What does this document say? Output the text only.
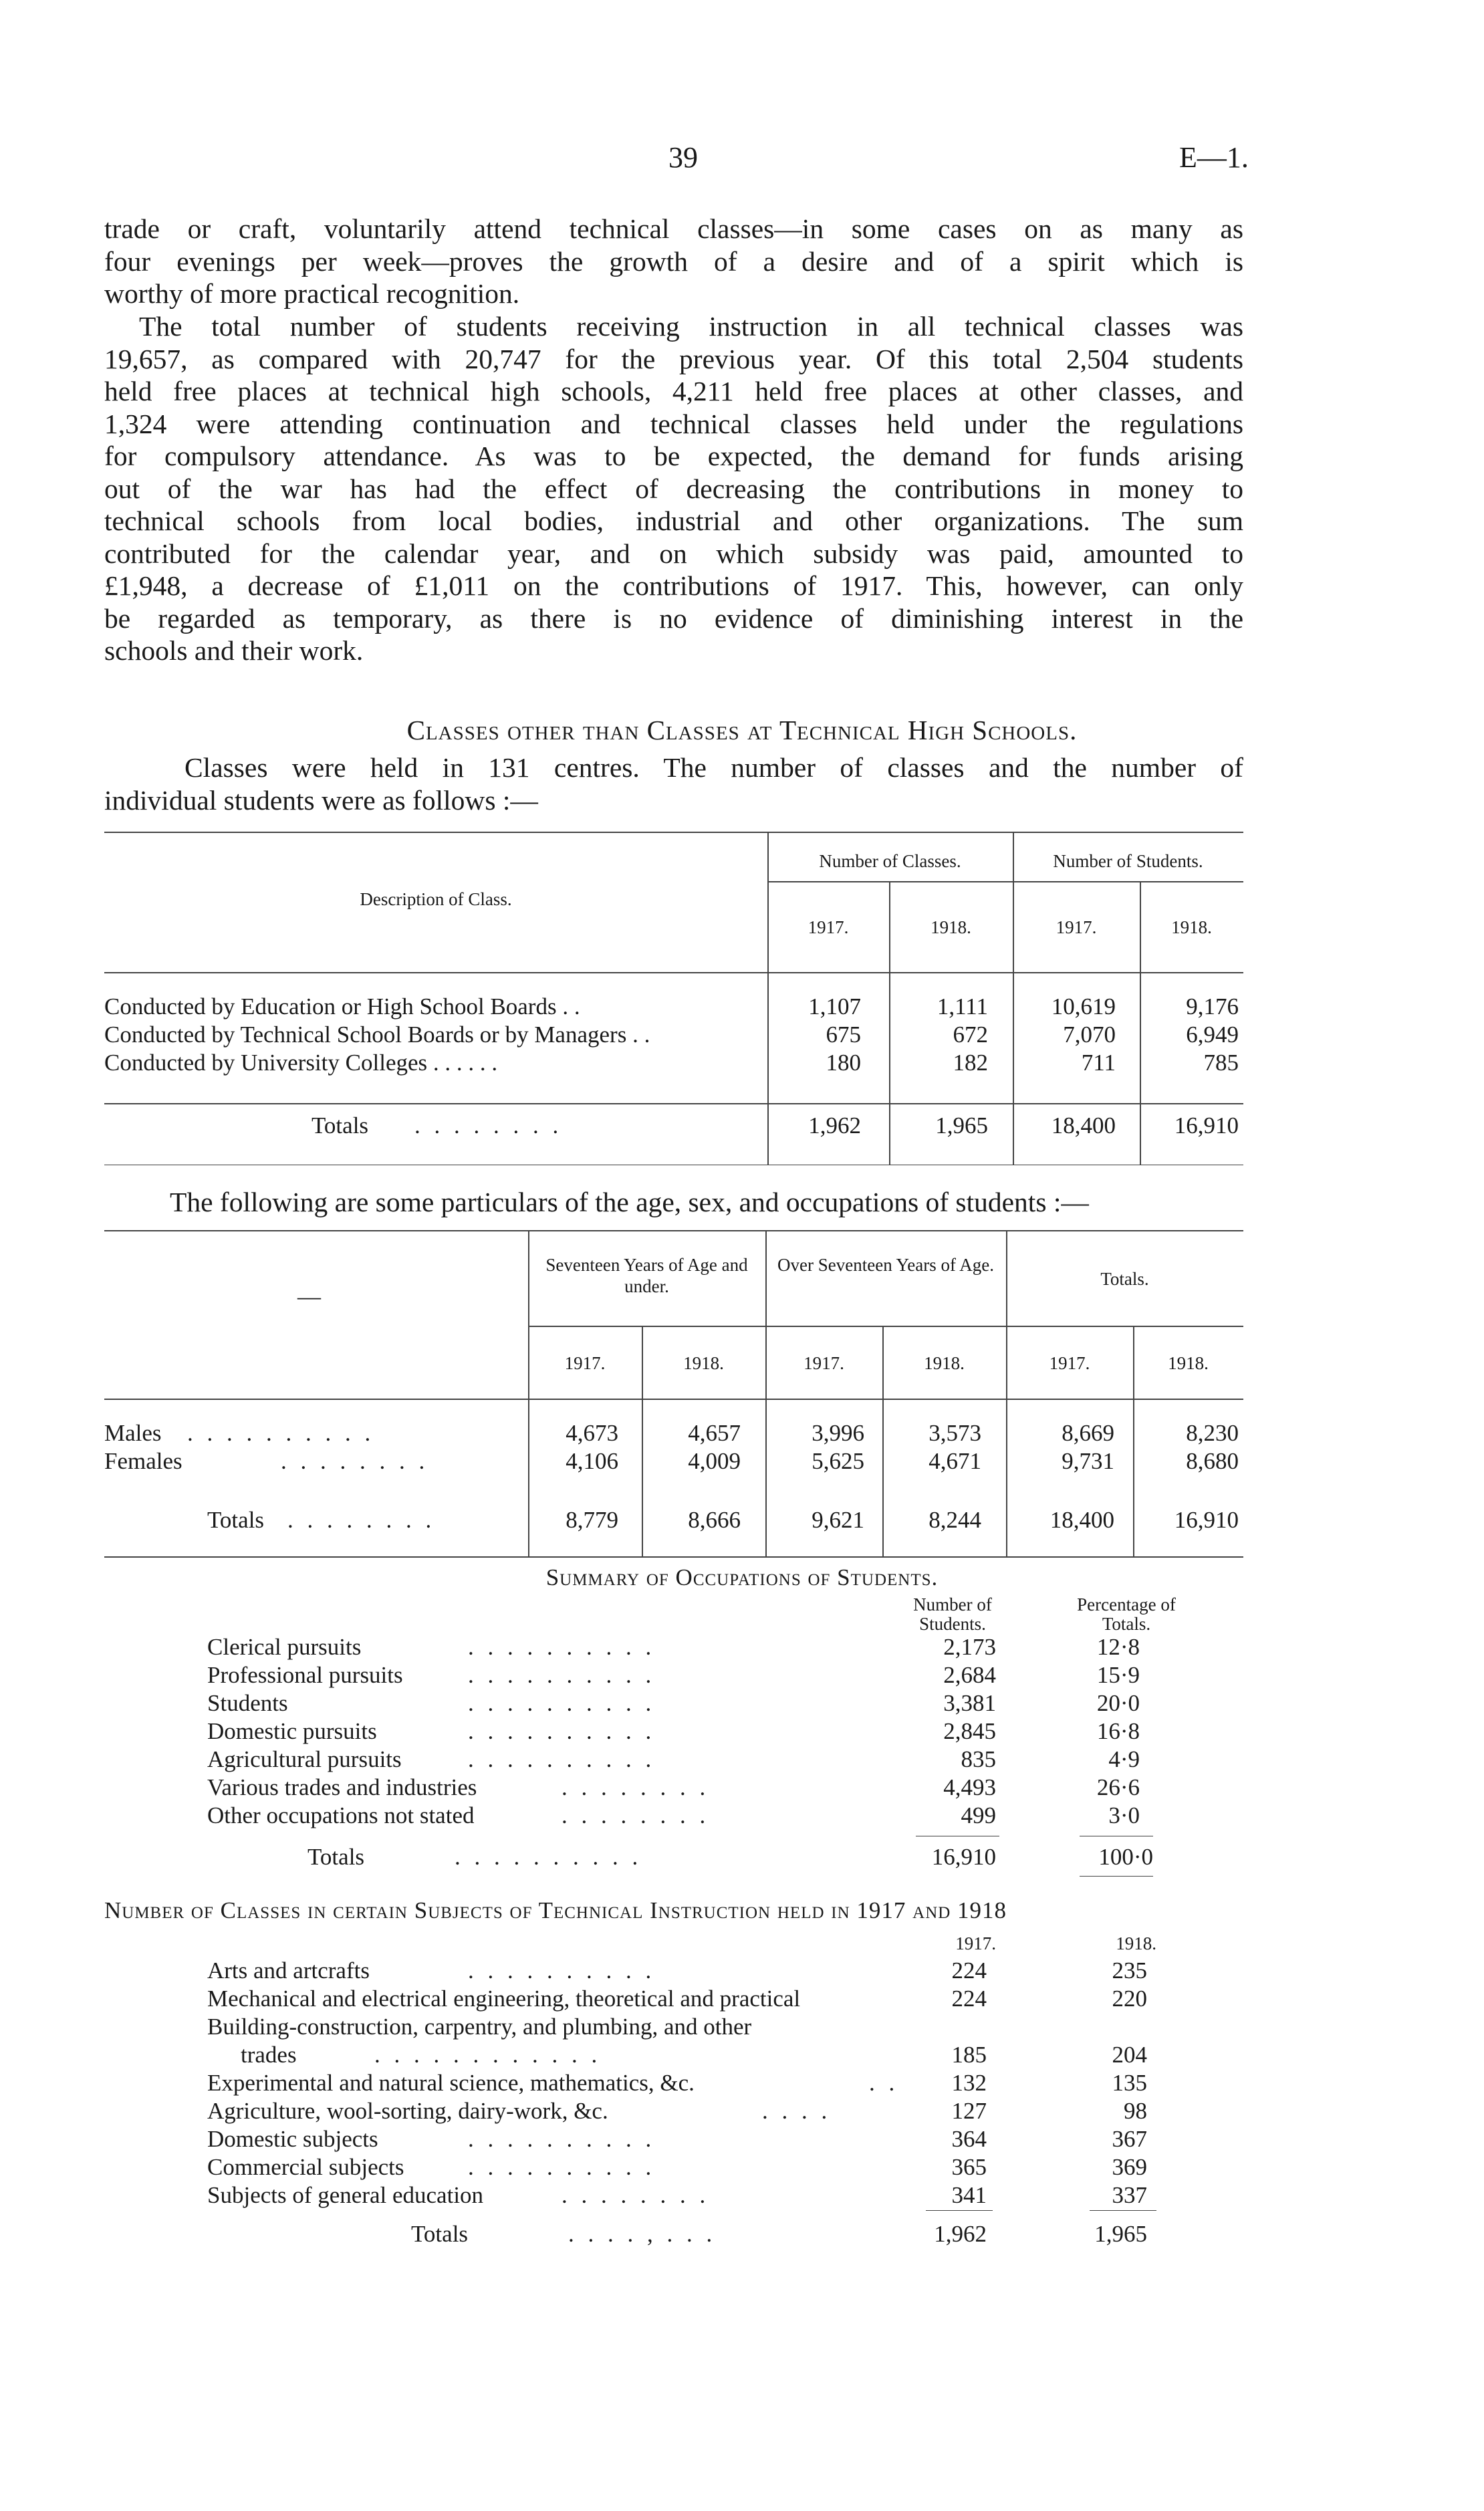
39	E—1.
trade or craft, voluntarily attend technical classes—in some cases on as many as
four evenings per week—proves the growth of a desire and of a spirit which is
worthy of more practical recognition.
The total number of students receiving instruction in all technical classes was
19,657, as compared with 20,747 for the previous year. Of this total 2,504 students
held free places at technical high schools, 4,211 held free places at other classes, and
1,324 were attending continuation and technical classes held under the regulations
for compulsory attendance. As was to be expected, the demand for funds arising
out of the war has had the effect of decreasing the contributions in money to
technical schools from local bodies, industrial and other organizations. The sum
contributed for the calendar year, and on which subsidy was paid, amounted to
£1,948, a decrease of £1,011 on the contributions of 1917. This, however, can only
be regarded as temporary, as there is no evidence of diminishing interest in the
schools and their work.
Classes other than Classes at Technical High Schools.
Classes were held in 131 centres. The number of classes and the number of
individual students were as follows :—
Description of Class.
Number of Classes.	Number of Students.
1917.	1918.	1917.	1918.
Conducted by Education or High School Boards . .	1,107	1,111	10,619	9,176
Conducted by Technical School Boards or by Managers . .	675	672	7,070	6,949
Conducted by University Colleges . . . . . .	180	182	711	785
Totals . . . . . . . .	1,962	1,965	18,400	16,910
The following are some particulars of the age, sex, and occupations of students :—
—
Seventeen Years of Age and under.
Over Seventeen Years of Age.
Totals.
1917.	1918.	1917.	1918.	1917.	1918.
Males . . . . . . . . . .	4,673	4,657	3,996	3,573	8,669	8,230
Females	. . . . . . . .	4,106	4,009	5,625	4,671	9,731	8,680
Totals . . . . . . . .	8,779	8,666	9,621	8,244	18,400	16,910
Summary of Occupations of Students.
Number of Students.
Percentage of Totals.
Clerical pursuits	. . . . . . . . . .	2,173	12·8
Professional pursuits	. . . . . . . . . .	2,684	15·9
Students	. . . . . . . . . .	3,381	20·0
Domestic pursuits	. . . . . . . . . .	2,845	16·8
Agricultural pursuits	. . . . . . . . . .	835	4·9
Various trades and industries	. . . . . . . .	4,493	26·6
Other occupations not stated	. . . . . . . .	499	3·0
Totals	. . . . . . . . . .	16,910	100·0
Number of Classes in certain Subjects of Technical Instruction held in 1917 and 1918
1917.	1918.
Arts and artcrafts	. . . . . . . . . .	224	235
Mechanical and electrical engineering, theoretical and practical	224	220
Building-construction, carpentry, and plumbing, and other
trades	. . . . . . . . . . . .	185	204
Experimental and natural science, mathematics, &c.	. .	132	135
Agriculture, wool-sorting, dairy-work, &c.	. . . .	127	98
Domestic subjects	. . . . . . . . . .	364	367
Commercial subjects	. . . . . . . . . .	365	369
Subjects of general education	. . . . . . . .	341	337
Totals	. . . . , . . .	1,962	1,965
